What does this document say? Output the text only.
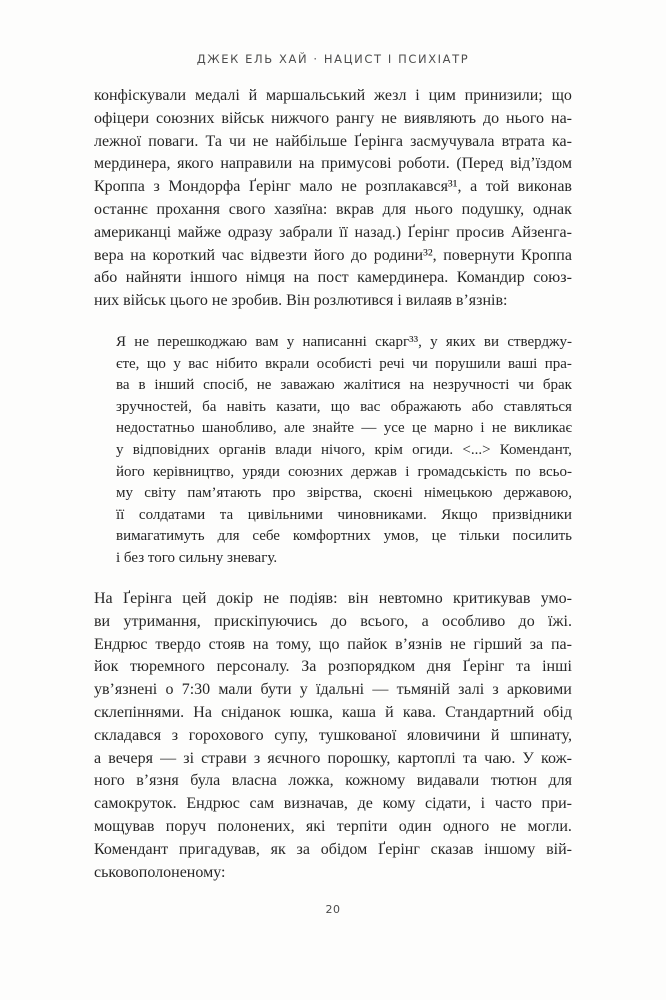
ДЖЕК ЕЛЬ ХАЙ · НАЦИСТ І ПСИХІАТР
конфіскували медалі й маршальський жезл і цим принизили; що
офіцери союзних військ нижчого рангу не виявляють до нього на-
лежної поваги. Та чи не найбільше Ґерінга засмучувала втрата ка-
мердинера, якого направили на примусові роботи. (Перед від’їздом
Кроппа з Мондорфа Ґерінг мало не розплакався³¹, а той виконав
останнє прохання свого хазяїна: вкрав для нього подушку, однак
американці майже одразу забрали її назад.) Ґерінг просив Айзенга-
вера на короткий час відвезти його до родини³², повернути Кроппа
або найняти іншого німця на пост камердинера. Командир союз-
них військ цього не зробив. Він розлютився і вилаяв в’язнів:
Я не перешкоджаю вам у написанні скарг³³, у яких ви стверджу-
єте, що у вас нібито вкрали особисті речі чи порушили ваші пра-
ва в інший спосіб, не заважаю жалітися на незручності чи брак
зручностей, ба навіть казати, що вас ображають або ставляться
недостатньо шанобливо, але знайте — усе це марно і не викликає
у відповідних органів влади нічого, крім огиди. <...> Комендант,
його керівництво, уряди союзних держав і громадськість по всьо-
му світу пам’ятають про звірства, скоєні німецькою державою,
її солдатами та цивільними чиновниками. Якщо призвідники
вимагатимуть для себе комфортних умов, це тільки посилить
і без того сильну зневагу.
На Ґерінга цей докір не подіяв: він невтомно критикував умо-
ви утримання, прискіпуючись до всього, а особливо до їжі.
Ендрюс твердо стояв на тому, що пайок в’язнів не гірший за па-
йок тюремного персоналу. За розпорядком дня Ґерінг та інші
ув’язнені о 7:30 мали бути у їдальні — тьмяній залі з арковими
склепіннями. На сніданок юшка, каша й кава. Стандартний обід
складався з горохового супу, тушкованої яловичини й шпинату,
а вечеря — зі страви з яєчного порошку, картоплі та чаю. У кож-
ного в’язня була власна ложка, кожному видавали тютюн для
самокруток. Ендрюс сам визначав, де кому сідати, і часто при-
мощував поруч полонених, які терпіти один одного не могли.
Комендант пригадував, як за обідом Ґерінг сказав іншому вій-
ськовополоненому:
20
